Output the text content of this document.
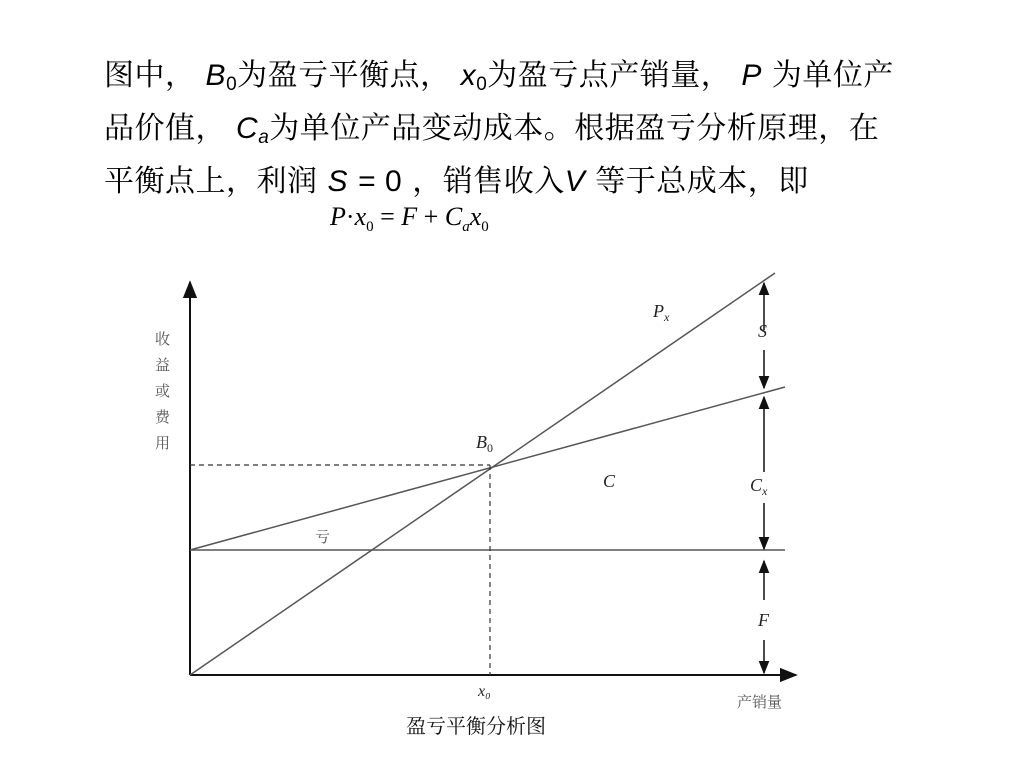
图中， $B_0$为盈亏平衡点， $x_0$为盈亏点产销量， P 为单位产
品价值， $C_a$为单位产品变动成本。根据盈亏分析原理，在
平衡点上，利润 S = 0 ，销售收入V 等于总成本，即
$P\cdot x_0 = F + C_ax_0$
收 益 或 费 用
产销量
$B_0$
x₀
$P_x$
亏
C
S
$C_x$
F
盈亏平衡分析图
